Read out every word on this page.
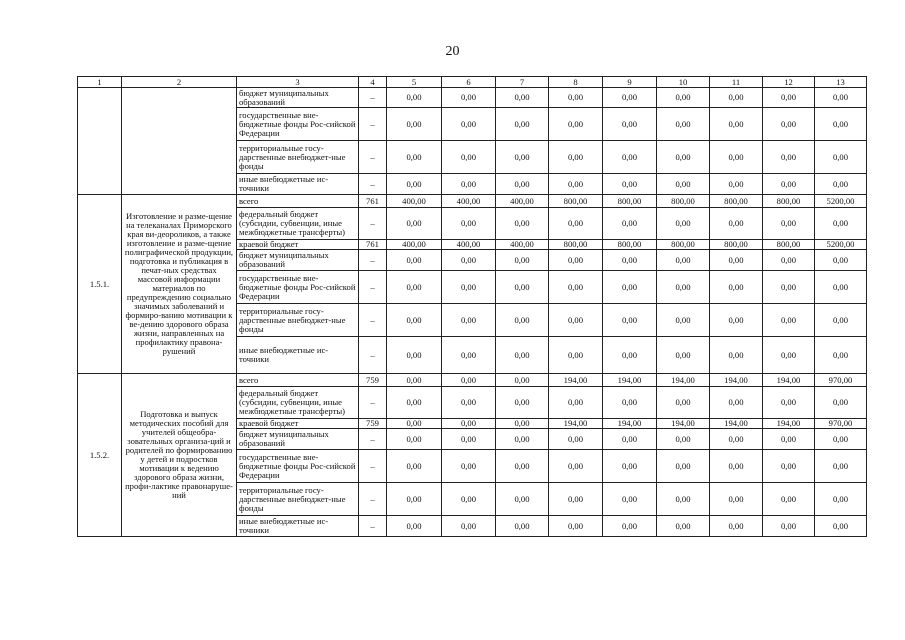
20
1	2	3	4	5	6	7	8	9	10	11	12	13
		бюджет муниципальных образований	–	0,00	0,00	0,00	0,00	0,00	0,00	0,00	0,00	0,00
		государственные вне-бюджетные фонды Рос-сийской Федерации	–	0,00	0,00	0,00	0,00	0,00	0,00	0,00	0,00	0,00
		территориальные госу-дарственные внебюджет-ные фонды	–	0,00	0,00	0,00	0,00	0,00	0,00	0,00	0,00	0,00
		иные внебюджетные ис-точники	–	0,00	0,00	0,00	0,00	0,00	0,00	0,00	0,00	0,00
1.5.1.	Изготовление и разме-щение на телеканалах Приморского края ви-деороликов, а также изготовление и разме-щение полиграфической продукции, подготовка и публикация в печат-ных средствах массовой информации материалов по предупреждению социально значимых заболеваний и формиро-ванию мотивации к ве-дению здорового образа жизни, направленных на профилактику правона-рушений	всего	761	400,00	400,00	400,00	800,00	800,00	800,00	800,00	800,00	5200,00
		федеральный бюджет (субсидии, субвенции, иные межбюджетные трансферты)	–	0,00	0,00	0,00	0,00	0,00	0,00	0,00	0,00	0,00
		краевой бюджет	761	400,00	400,00	400,00	800,00	800,00	800,00	800,00	800,00	5200,00
		бюджет муниципальных образований	–	0,00	0,00	0,00	0,00	0,00	0,00	0,00	0,00	0,00
		государственные вне-бюджетные фонды Рос-сийской Федерации	–	0,00	0,00	0,00	0,00	0,00	0,00	0,00	0,00	0,00
		территориальные госу-дарственные внебюджет-ные фонды	–	0,00	0,00	0,00	0,00	0,00	0,00	0,00	0,00	0,00
		иные внебюджетные ис-точники	–	0,00	0,00	0,00	0,00	0,00	0,00	0,00	0,00	0,00
1.5.2.	Подготовка и выпуск методических пособий для учителей общеобра-зовательных организа-ций и родителей по формированию у детей и подростков мотивации к ведению здорового образа жизни, профи-лактике правонаруше-ний	всего	759	0,00	0,00	0,00	194,00	194,00	194,00	194,00	194,00	970,00
		федеральный бюджет (субсидии, субвенции, иные межбюджетные трансферты)	–	0,00	0,00	0,00	0,00	0,00	0,00	0,00	0,00	0,00
		краевой бюджет	759	0,00	0,00	0,00	194,00	194,00	194,00	194,00	194,00	970,00
		бюджет муниципальных образований	–	0,00	0,00	0,00	0,00	0,00	0,00	0,00	0,00	0,00
		государственные вне-бюджетные фонды Рос-сийской Федерации	–	0,00	0,00	0,00	0,00	0,00	0,00	0,00	0,00	0,00
		территориальные госу-дарственные внебюджет-ные фонды	–	0,00	0,00	0,00	0,00	0,00	0,00	0,00	0,00	0,00
		иные внебюджетные ис-точники	–	0,00	0,00	0,00	0,00	0,00	0,00	0,00	0,00	0,00
